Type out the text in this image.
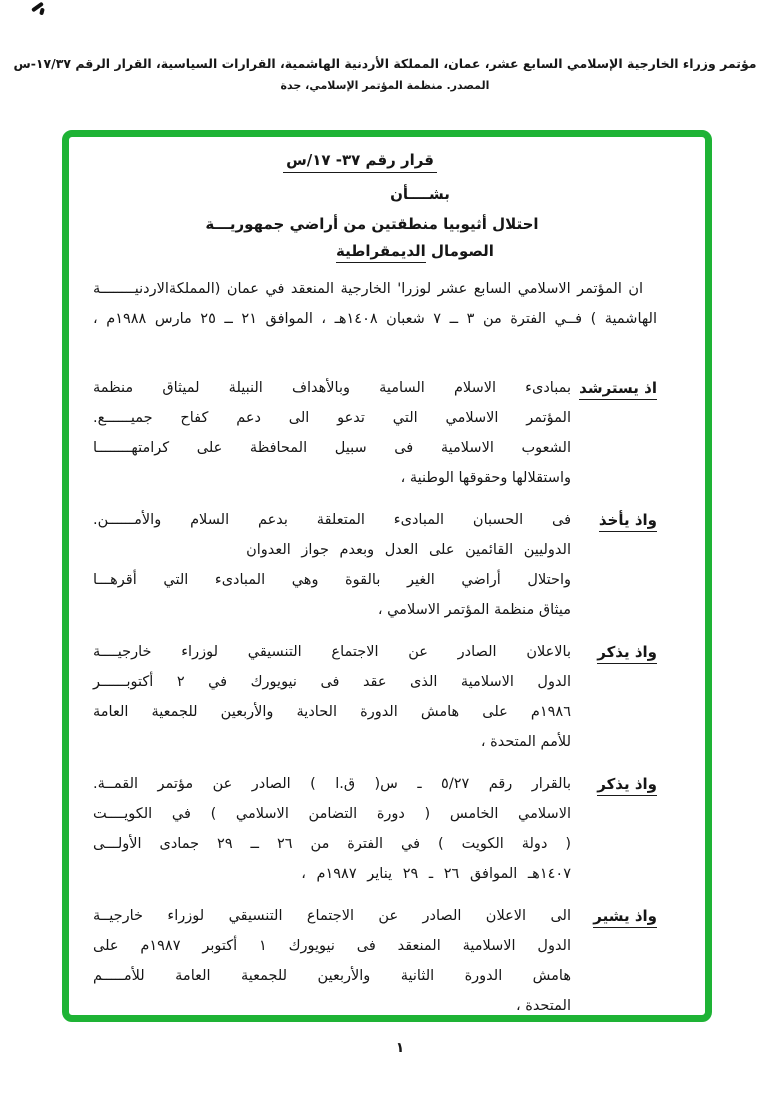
مؤتمر وزراء الخارجية الإسلامي السابع عشر، عمان، المملكة الأردنية الهاشمية، القرارات السياسية، القرار الرقم ١٧/٣٧-س
المصدر. منظمة المؤتمر الإسلامي، جدة
قرار رقم ٣٧- ١٧/س
بشــــأن
احتلال أثيوبيا منطقتين من أراضي جمهوريـــة
الصومال الديمقراطية
ان المؤتمر الاسلامي السابع عشر لوزرا' الخارجية المنعقد في عمان (المملكةالاردنيــــــــة
الهاشمية ) فــي الفترة من ٣ ــ ٧ شعبان ١٤٠٨هـ ، الموافق ٢١ ــ ٢٥ مارس ١٩٨٨م ،
اذ يسترشد
بمبادىء الاسلام السامية وبالأهداف النبيلة لميثاق منظمة
المؤتمر الاسلامي التي تدعو الى دعم كفاح جميــــــع.
الشعوب الاسلامية فى سبيل المحافظة على كرامتهــــــــا
واستقلالها وحقوقها الوطنية ،
واذ يأخذ
فى الحسبان المبادىء المتعلقة بدعم السلام والأمــــــن.
الدوليين القائمين على العدل وبعدم جواز العدوان
واحتلال أراضي الغير بالقوة وهي المبادىء التي أقرهـــا
ميثاق منظمة المؤتمر الاسلامي ،
واذ يذكر
بالاعلان الصادر عن الاجتماع التنسيقي لوزراء خارجيــــة
الدول الاسلامية الذى عقد فى نيويورك في ٢ أكتوبــــــر
١٩٨٦م على هامش الدورة الحادية والأربعين للجمعية العامة
للأمم المتحدة ،
واذ يذكر
بالقرار رقم ٥/٢٧ ـ س( ق.ا ) الصادر عن مؤتمر القمــة.
الاسلامي الخامس ( دورة التضامن الاسلامي ) في الكويــــت
( دولة الكويت ) في الفترة من ٢٦ ــ ٢٩ جمادى الأولـــى
١٤٠٧هـ الموافق ٢٦ ـ ٢٩ يناير ١٩٨٧م ،
واذ يشير
الى الاعلان الصادر عن الاجتماع التنسيقي لوزراء خارجيــة
الدول الاسلامية المنعقد فى نيويورك ١ أكتوبر ١٩٨٧م على
هامش الدورة الثانية والأربعين للجمعية العامة للأمـــــم
المتحدة ،
١
